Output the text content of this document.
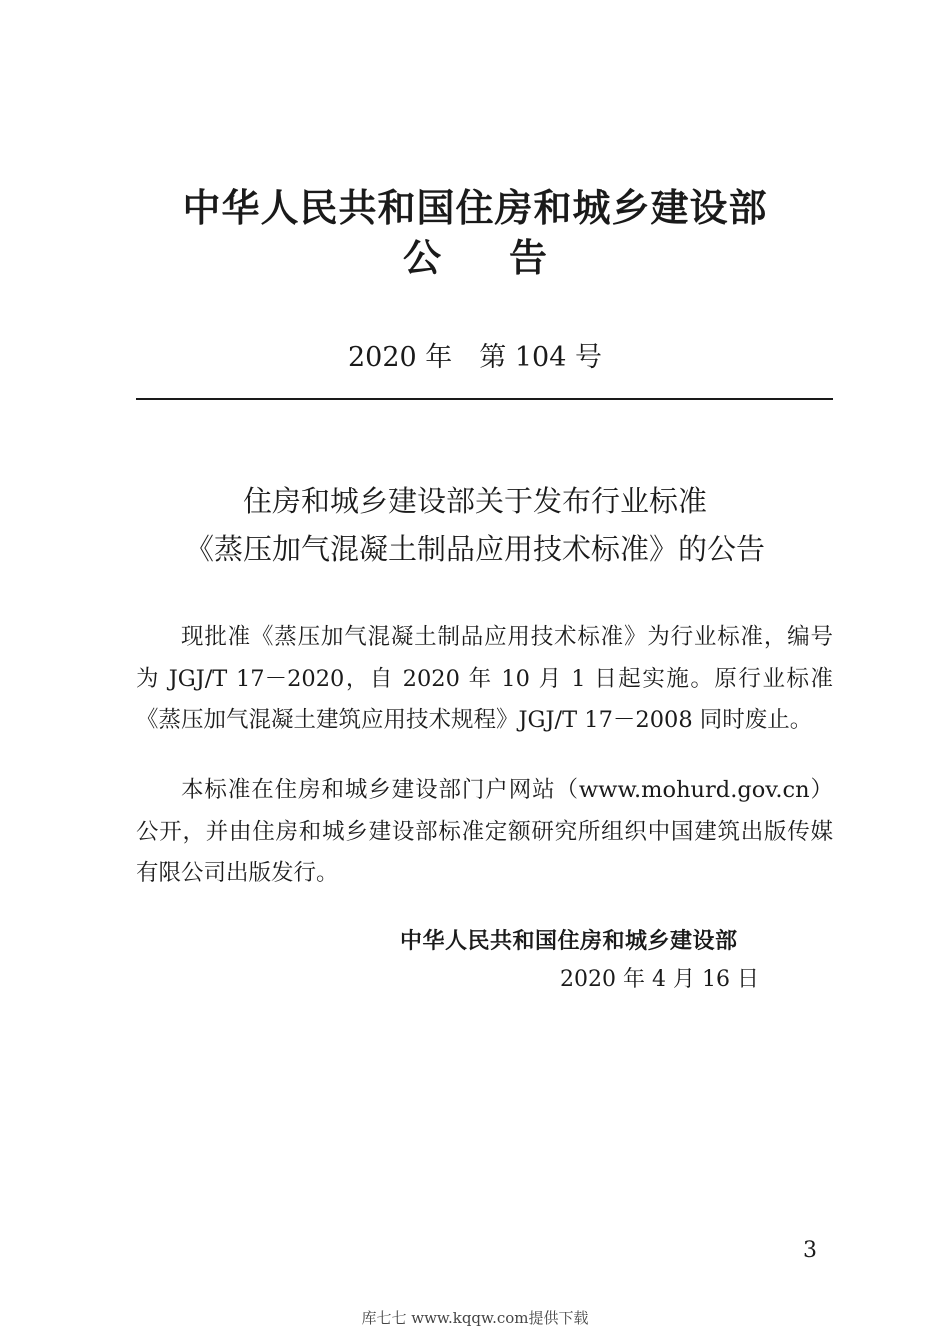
中华人民共和国住房和城乡建设部
公 告
2020 年　第 104 号
住房和城乡建设部关于发布行业标准
《蒸压加气混凝土制品应用技术标准》的公告

现批准《蒸压加气混凝土制品应用技术标准》为行业标准，编号为 JGJ/T 17－2020，自 2020 年 10 月 1 日起实施。原行业标准《蒸压加气混凝土建筑应用技术规程》JGJ/T 17－2008 同时废止。

本标准在住房和城乡建设部门户网站（www.mohurd.gov.cn）公开，并由住房和城乡建设部标准定额研究所组织中国建筑出版传媒有限公司出版发行。

中华人民共和国住房和城乡建设部
2020 年 4 月 16 日
3
库七七 www.kqqw.com提供下载
